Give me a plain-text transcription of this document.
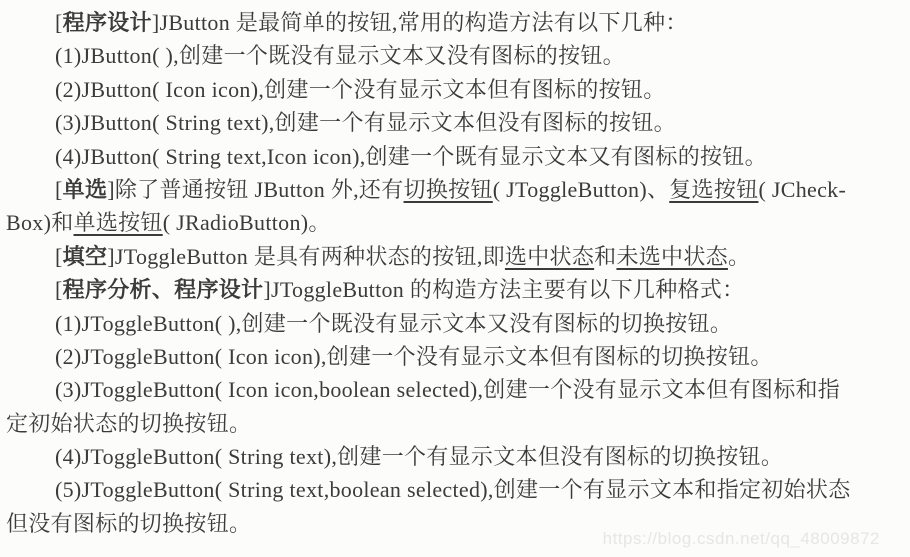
[程序设计]JButton 是最简单的按钮,常用的构造方法有以下几种：
(1)JButton( ),创建一个既没有显示文本又没有图标的按钮。
(2)JButton( Icon icon),创建一个没有显示文本但有图标的按钮。
(3)JButton( String text),创建一个有显示文本但没有图标的按钮。
(4)JButton( String text,Icon icon),创建一个既有显示文本又有图标的按钮。
[单选]除了普通按钮 JButton 外,还有切换按钮( JToggleButton)、复选按钮( JCheck-
Box)和单选按钮( JRadioButton)。
[填空]JToggleButton 是具有两种状态的按钮,即选中状态和未选中状态。
[程序分析、程序设计]JToggleButton 的构造方法主要有以下几种格式：
(1)JToggleButton( ),创建一个既没有显示文本又没有图标的切换按钮。
(2)JToggleButton( Icon icon),创建一个没有显示文本但有图标的切换按钮。
(3)JToggleButton( Icon icon,boolean selected),创建一个没有显示文本但有图标和指
定初始状态的切换按钮。
(4)JToggleButton( String text),创建一个有显示文本但没有图标的切换按钮。
(5)JToggleButton( String text,boolean selected),创建一个有显示文本和指定初始状态
但没有图标的切换按钮。
https://blog.csdn.net/qq_48009872
